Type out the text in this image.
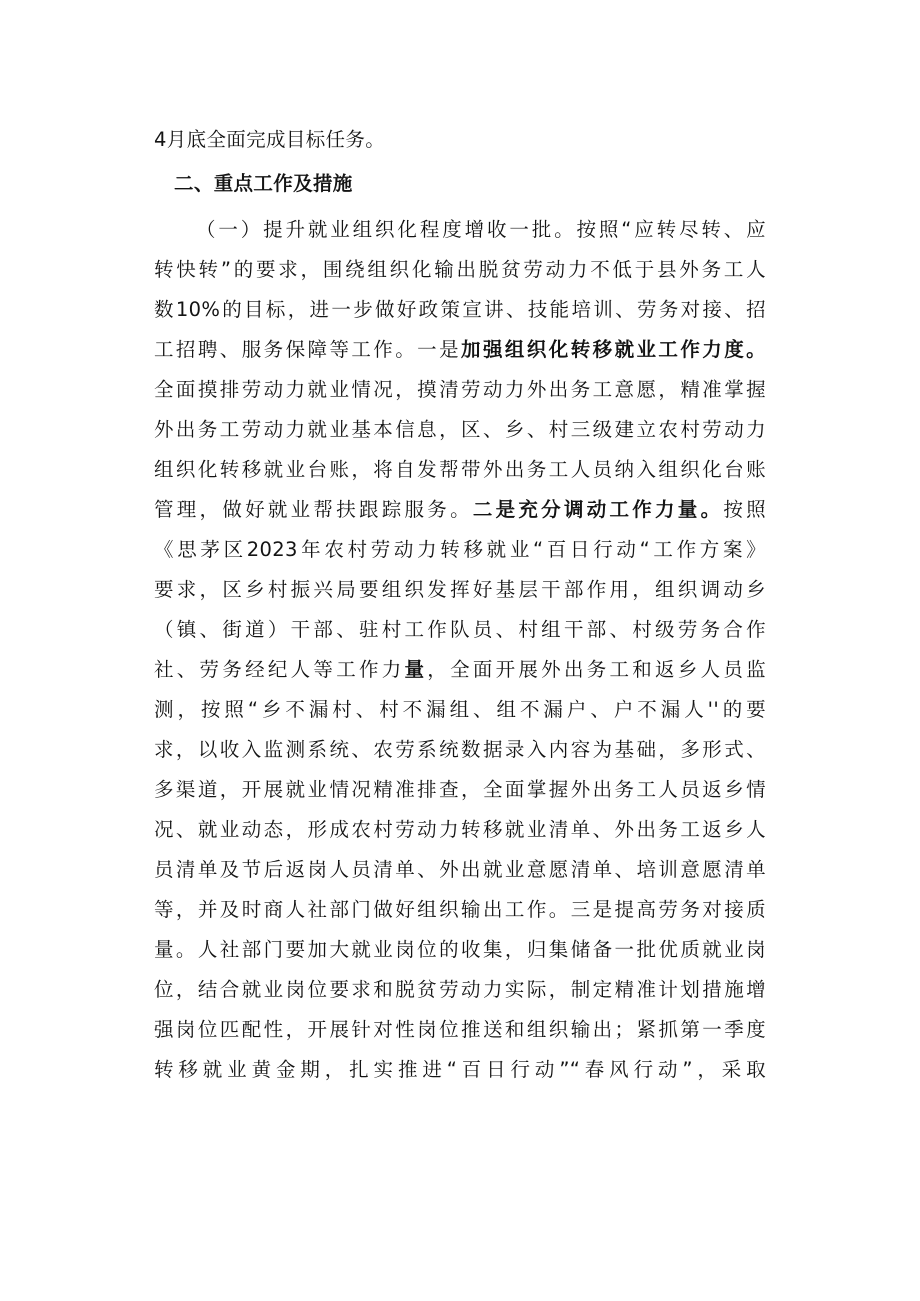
4月底全面完成目标任务。

二、重点工作及措施

（一）提升就业组织化程度增收一批。按照“应转尽转、应

转快转”的要求，围绕组织化输出脱贫劳动力不低于县外务工人

数10%的目标，进一步做好政策宣讲、技能培训、劳务对接、招

工招聘、服务保障等工作。一是加强组织化转移就业工作力度。

全面摸排劳动力就业情况，摸清劳动力外出务工意愿，精准掌握

外出务工劳动力就业基本信息，区、乡、村三级建立农村劳动力

组织化转移就业台账，将自发帮带外出务工人员纳入组织化台账

管理，做好就业帮扶跟踪服务。二是充分调动工作力量。按照

《思茅区2023年农村劳动力转移就业“百日行动“工作方案》

要求，区乡村振兴局要组织发挥好基层干部作用，组织调动乡

（镇、街道）干部、驻村工作队员、村组干部、村级劳务合作

社、劳务经纪人等工作力量，全面开展外出务工和返乡人员监

测，按照“乡不漏村、村不漏组、组不漏户、户不漏人''的要

求，以收入监测系统、农劳系统数据录入内容为基础，多形式、

多渠道，开展就业情况精准排查，全面掌握外出务工人员返乡情

况、就业动态，形成农村劳动力转移就业清单、外出务工返乡人

员清单及节后返岗人员清单、外出就业意愿清单、培训意愿清单

等，并及时商人社部门做好组织输出工作。三是提高劳务对接质

量。人社部门要加大就业岗位的收集，归集储备一批优质就业岗

位，结合就业岗位要求和脱贫劳动力实际，制定精准计划措施增

强岗位匹配性，开展针对性岗位推送和组织输出；紧抓第一季度

转移就业黄金期，扎实推进“百日行动”“春风行动”，采取
